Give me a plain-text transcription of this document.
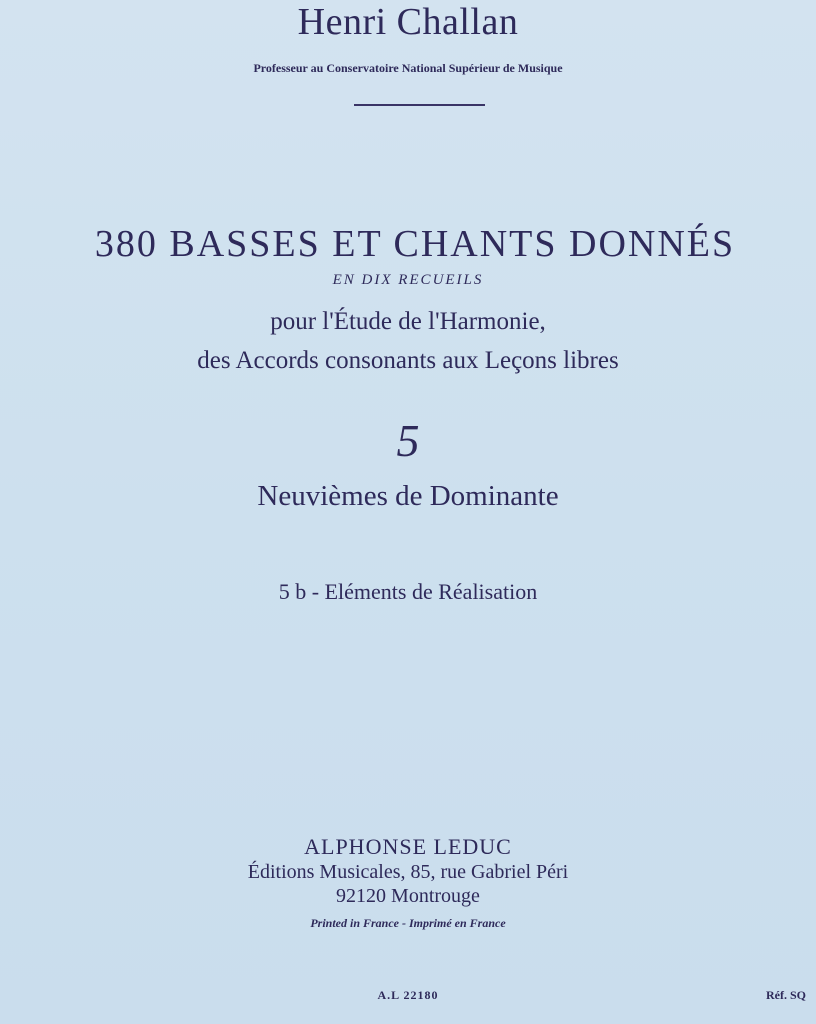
Henri Challan
Professeur au Conservatoire National Supérieur de Musique
380 BASSES ET CHANTS DONNÉS
EN DIX RECUEILS
pour l'Étude de l'Harmonie,
des Accords consonants aux Leçons libres
5
Neuvièmes de Dominante
5 b - Eléments de Réalisation
ALPHONSE LEDUC
Éditions Musicales, 85, rue Gabriel Péri
92120 Montrouge
Printed in France - Imprimé en France
A.L 22180	Réf. SQ
